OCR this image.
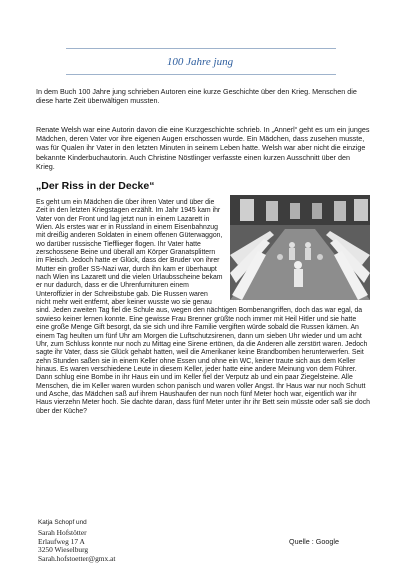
100 Jahre jung

In dem Buch 100 Jahre jung schrieben Autoren eine kurze Geschichte über den Krieg. Menschen die diese harte Zeit überwältigen mussten.

Renate Welsh war eine Autorin davon die eine Kurzgeschichte schrieb. In „Annerl“ geht es um ein junges Mädchen, deren Vater vor ihre eigenen Augen erschossen wurde. Ein Mädchen, dass zusehen musste, was für Qualen ihr Vater in den letzten Minuten in seinem Leben hatte. Welsh war aber nicht die einzige bekannte Kinderbuchautorin. Auch Christine Nöstlinger verfasste einen kurzen Ausschnitt über den Krieg.

„Der Riss in der Decke“
Es geht um ein Mädchen die über ihren Vater und über die Zeit in den letzten Kriegstagen erzählt. Im Jahr 1945 kam ihr Vater von der Front und lag jetzt nun in einem Lazarett in Wien. Als erstes war er in Russland in einem Eisenbahnzug mit dreißig anderen Soldaten in einem offenen Güterwaggon, wo darüber russische Tiefflieger flogen. Ihr Vater hatte zerschossene Beine und überall am Körper Granatsplittern im Fleisch. Jedoch hatte er Glück, dass der Bruder von ihrer Mutter ein großer SS-Nazi war, durch ihn kam er überhaupt nach Wien ins Lazarett und die vielen Urlaubsscheine bekam er nur dadurch, dass er die Uhrenfurnituren einem Unteroffizier in der Schreibstube gab. Die Russen waren nicht mehr weit entfernt, aber keiner wusste wo sie genau sind. Jeden zweiten Tag fiel die Schule aus, wegen den nächtigen Bombenangriffen, doch das war egal, da sowieso keiner lernen konnte. Eine gewisse Frau Brenner grüßte noch immer mit Heil Hitler und sie hatte eine große Menge Gift besorgt, da sie sich und ihre Familie vergiften würde sobald die Russen kämen. An einem Tag heulten um fünf Uhr am Morgen die Luftschutzsirenen, dann um sieben Uhr wieder und um acht Uhr, zum Schluss konnte nur noch zu Mittag eine Sirene ertönen, da die Anderen alle zerstört waren. Jedoch sagte ihr Vater, dass sie Glück gehabt hatten, weil die Amerikaner keine Brandbomben herunterwerfen. Seit zehn Stunden saßen sie in einem Keller ohne Essen und ohne ein WC, keiner traute sich aus dem Keller hinaus. Es waren verschiedene Leute in diesem Keller, jeder hatte eine andere Meinung von dem Führer. Dann schlug eine Bombe in ihr Haus ein und im Keller fiel der Verputz ab und ein paar Ziegelsteine. Alle Menschen, die im Keller waren wurden schon panisch und waren voller Angst. Ihr Haus war nur noch Schutt und Asche, das Mädchen saß auf ihrem Haushaufen der nun noch fünf Meter hoch war, eigentlich war ihr Haus vierzehn Meter hoch. Sie dachte daran, dass fünf Meter unter ihr ihr Bett sein müsste oder saß sie doch über der Küche?
Katja Schopf und
Sarah Hofstötter
Erlaufweg 17 A
3250 Wieselburg
Sarah.hofstoetter@gmx.at
Quelle : Google
